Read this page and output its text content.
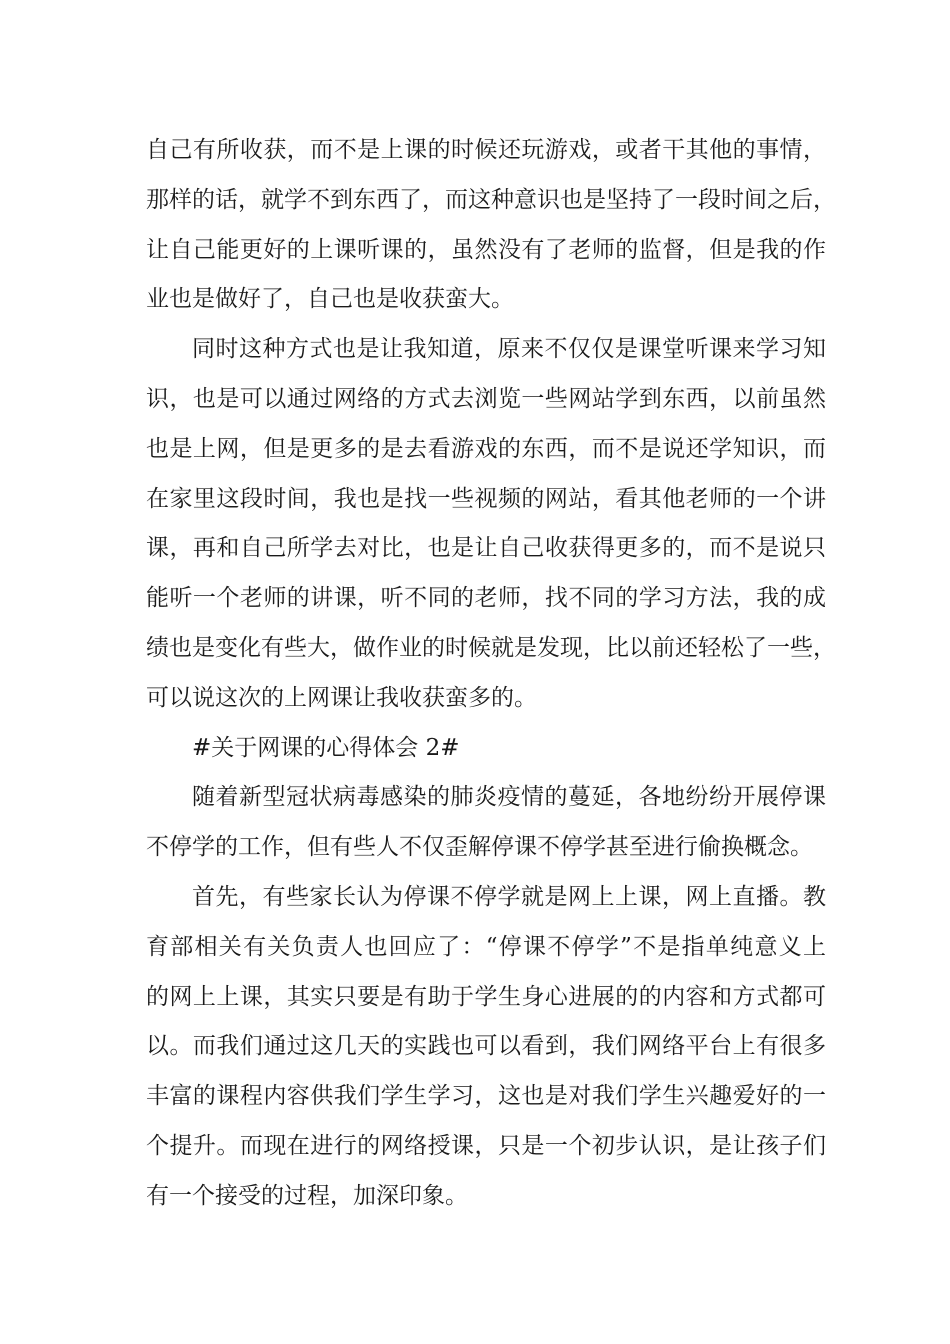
自己有所收获，而不是上课的时候还玩游戏，或者干其他的事情，
那样的话，就学不到东西了，而这种意识也是坚持了一段时间之后，
让自己能更好的上课听课的，虽然没有了老师的监督，但是我的作
业也是做好了，自己也是收获蛮大。
同时这种方式也是让我知道，原来不仅仅是课堂听课来学习知
识，也是可以通过网络的方式去浏览一些网站学到东西，以前虽然
也是上网，但是更多的是去看游戏的东西，而不是说还学知识，而
在家里这段时间，我也是找一些视频的网站，看其他老师的一个讲
课，再和自己所学去对比，也是让自己收获得更多的，而不是说只
能听一个老师的讲课，听不同的老师，找不同的学习方法，我的成
绩也是变化有些大，做作业的时候就是发现，比以前还轻松了一些，
可以说这次的上网课让我收获蛮多的。
#关于网课的心得体会 2#
随着新型冠状病毒感染的肺炎疫情的蔓延，各地纷纷开展停课
不停学的工作，但有些人不仅歪解停课不停学甚至进行偷换概念。
首先，有些家长认为停课不停学就是网上上课，网上直播。教
育部相关有关负责人也回应了：“停课不停学”不是指单纯意义上
的网上上课，其实只要是有助于学生身心进展的的内容和方式都可
以。而我们通过这几天的实践也可以看到，我们网络平台上有很多
丰富的课程内容供我们学生学习，这也是对我们学生兴趣爱好的一
个提升。而现在进行的网络授课，只是一个初步认识，是让孩子们
有一个接受的过程，加深印象。
